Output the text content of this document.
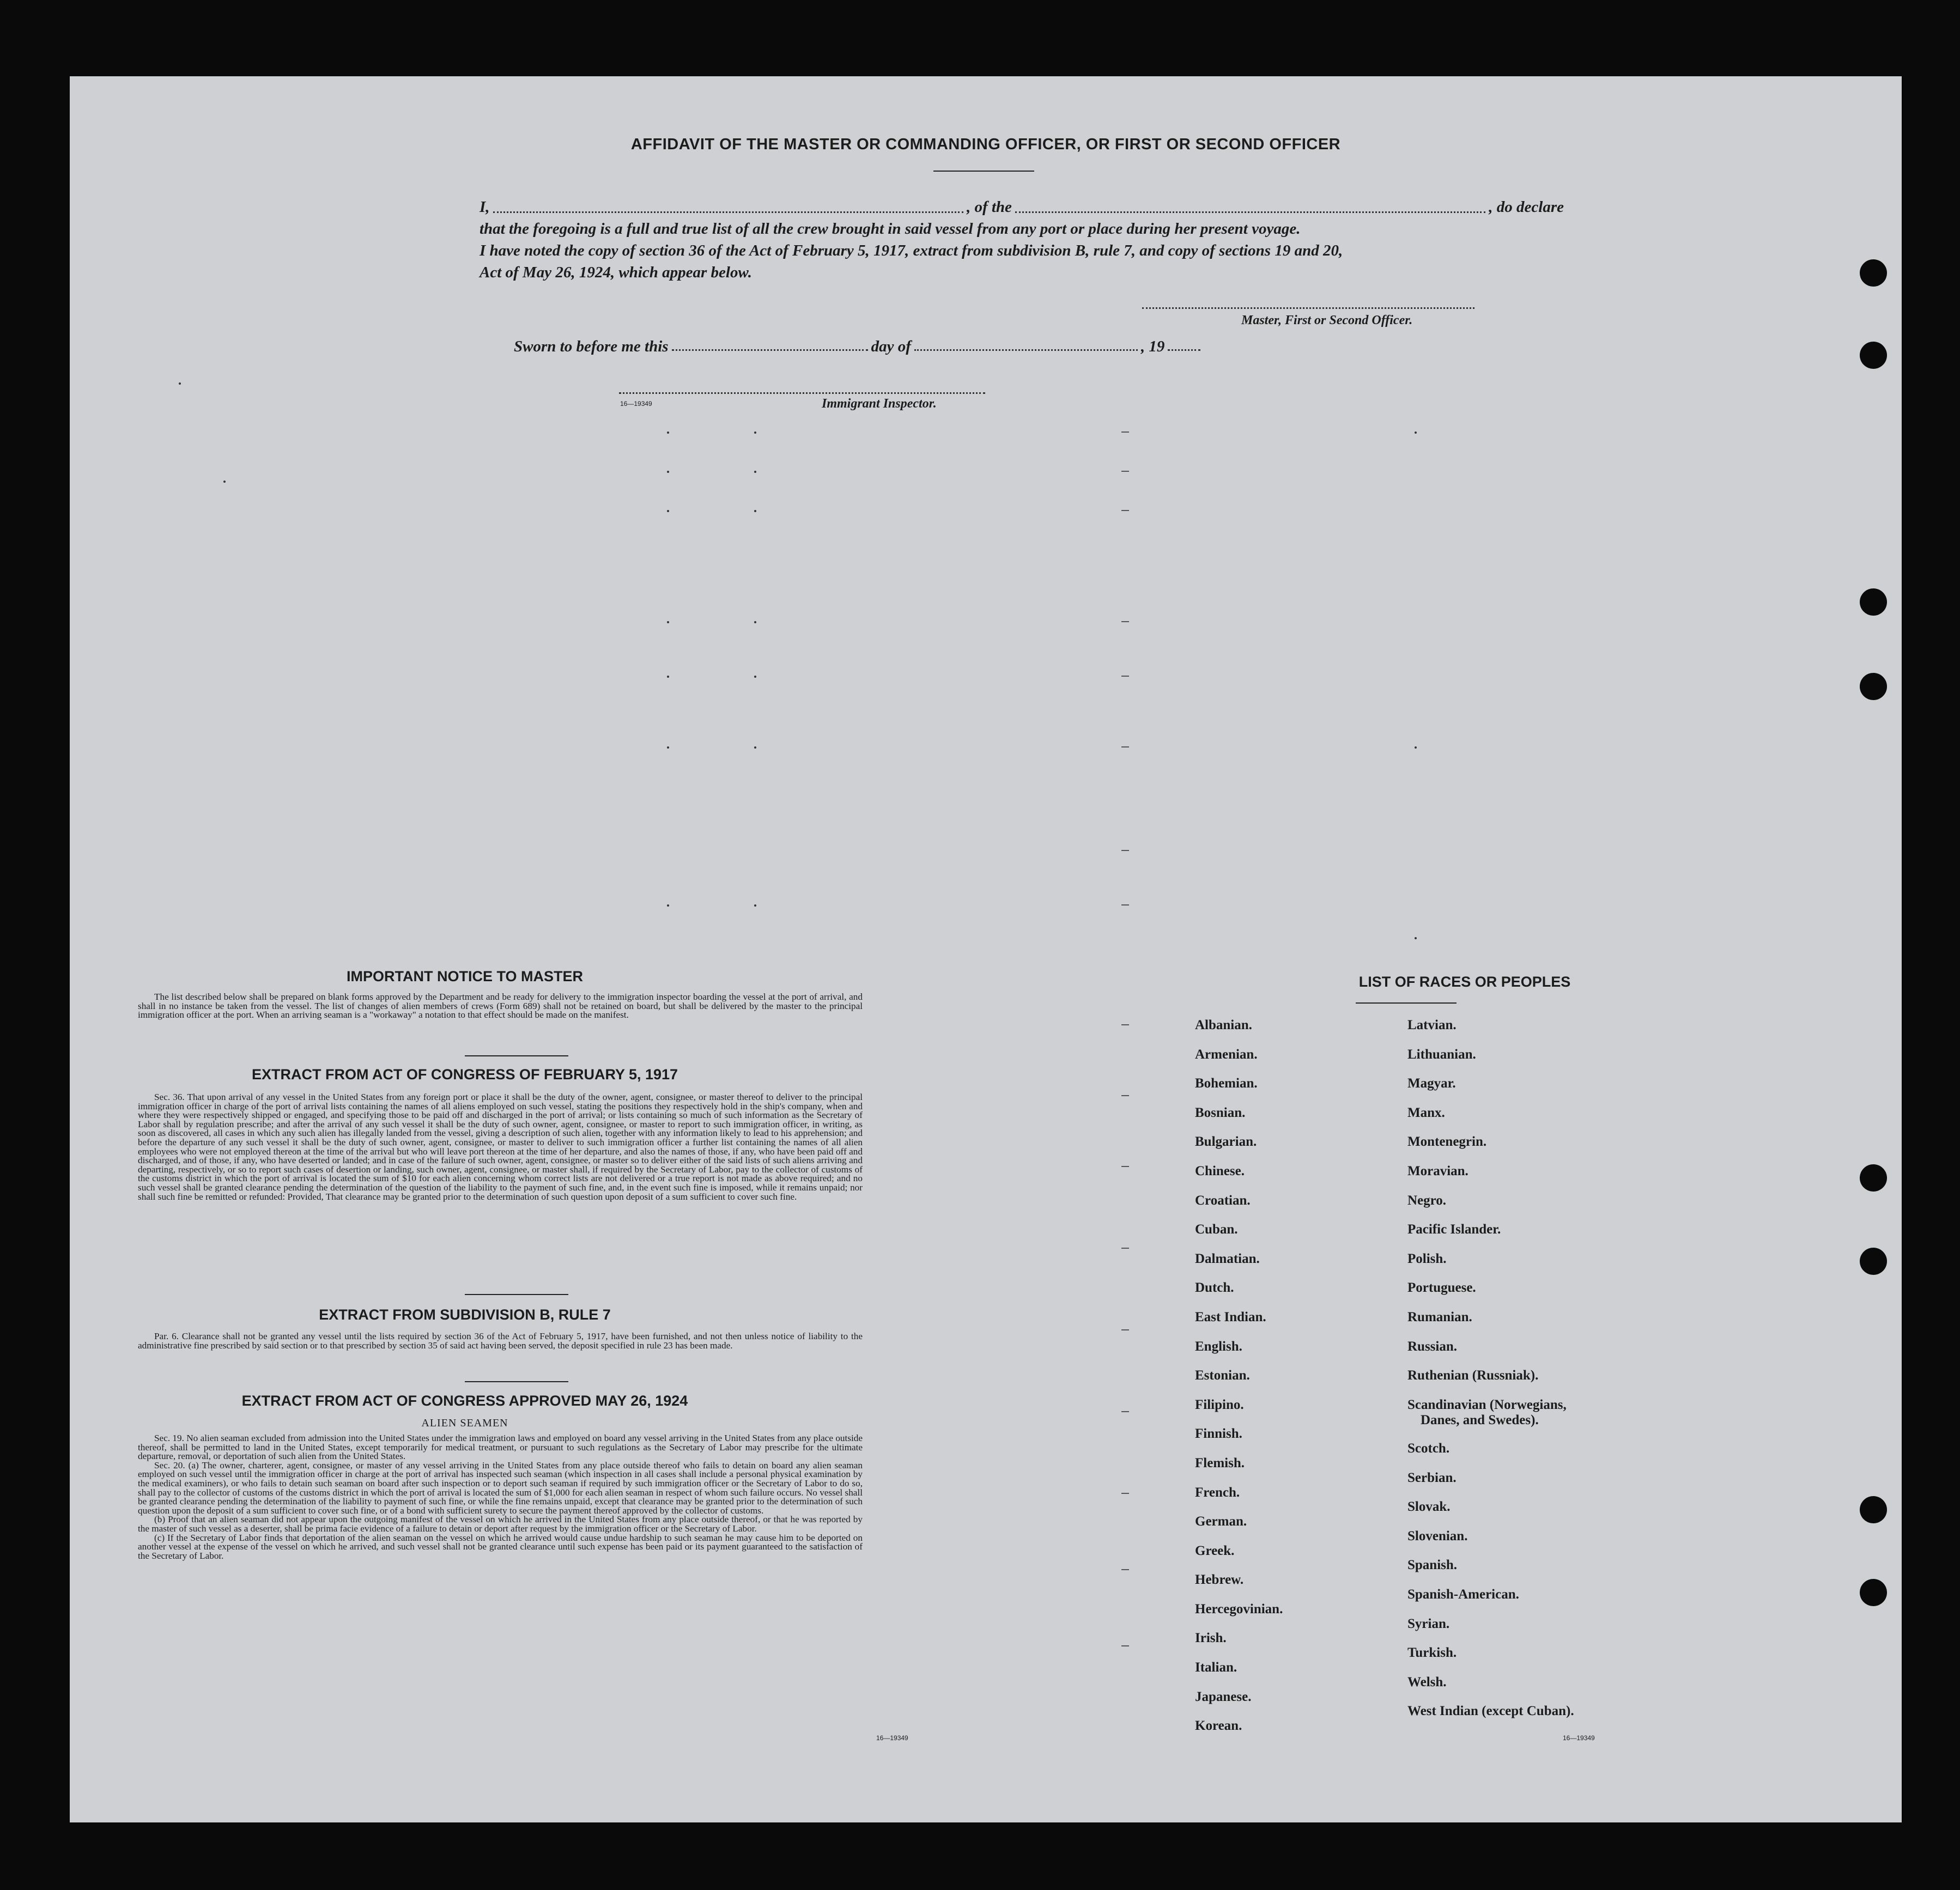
AFFIDAVIT OF THE MASTER OR COMMANDING OFFICER, OR FIRST OR SECOND OFFICER
I,	, of the	, do declare
that the foregoing is a full and true list of all the crew brought in said vessel from any port or place during her present voyage.
I have noted the copy of section 36 of the Act of February 5, 1917, extract from subdivision B, rule 7, and copy of sections 19 and 20,
Act of May 26, 1924, which appear below.
Master, First or Second Officer.
Sworn to before me this	day of	, 19
16—19349	Immigrant Inspector.
IMPORTANT NOTICE TO MASTER

The list described below shall be prepared on blank forms approved by the Department and be ready for delivery to the immigration inspector boarding the vessel at the port of arrival, and shall in no instance be taken from the vessel. The list of changes of alien members of crews (Form 689) shall not be retained on board, but shall be delivered by the master to the principal immigration officer at the port. When an arriving seaman is a "workaway" a notation to that effect should be made on the manifest.

EXTRACT FROM ACT OF CONGRESS OF FEBRUARY 5, 1917

Sec. 36. That upon arrival of any vessel in the United States from any foreign port or place it shall be the duty of the owner, agent, consignee, or master thereof to deliver to the principal immigration officer in charge of the port of arrival lists containing the names of all aliens employed on such vessel, stating the positions they respectively hold in the ship's company, when and where they were respectively shipped or engaged, and specifying those to be paid off and discharged in the port of arrival; or lists containing so much of such information as the Secretary of Labor shall by regulation prescribe; and after the arrival of any such vessel it shall be the duty of such owner, agent, consignee, or master to report to such immigration officer, in writing, as soon as discovered, all cases in which any such alien has illegally landed from the vessel, giving a description of such alien, together with any information likely to lead to his apprehension; and before the departure of any such vessel it shall be the duty of such owner, agent, consignee, or master to deliver to such immigration officer a further list containing the names of all alien employees who were not employed thereon at the time of the arrival but who will leave port thereon at the time of her departure, and also the names of those, if any, who have been paid off and discharged, and of those, if any, who have deserted or landed; and in case of the failure of such owner, agent, consignee, or master so to deliver either of the said lists of such aliens arriving and departing, respectively, or so to report such cases of desertion or landing, such owner, agent, consignee, or master shall, if required by the Secretary of Labor, pay to the collector of customs of the customs district in which the port of arrival is located the sum of $10 for each alien concerning whom correct lists are not delivered or a true report is not made as above required; and no such vessel shall be granted clearance pending the determination of the question of the liability to the payment of such fine, and, in the event such fine is imposed, while it remains unpaid; nor shall such fine be remitted or refunded: Provided, That clearance may be granted prior to the determination of such question upon deposit of a sum sufficient to cover such fine.

EXTRACT FROM SUBDIVISION B, RULE 7

Par. 6. Clearance shall not be granted any vessel until the lists required by section 36 of the Act of February 5, 1917, have been furnished, and not then unless notice of liability to the administrative fine prescribed by said section or to that prescribed by section 35 of said act having been served, the deposit specified in rule 23 has been made.

EXTRACT FROM ACT OF CONGRESS APPROVED MAY 26, 1924
ALIEN SEAMEN

Sec. 19. No alien seaman excluded from admission into the United States under the immigration laws and employed on board any vessel arriving in the United States from any place outside thereof, shall be permitted to land in the United States, except temporarily for medical treatment, or pursuant to such regulations as the Secretary of Labor may prescribe for the ultimate departure, removal, or deportation of such alien from the United States.

Sec. 20. (a) The owner, charterer, agent, consignee, or master of any vessel arriving in the United States from any place outside thereof who fails to detain on board any alien seaman employed on such vessel until the immigration officer in charge at the port of arrival has inspected such seaman (which inspection in all cases shall include a personal physical examination by the medical examiners), or who fails to detain such seaman on board after such inspection or to deport such seaman if required by such immigration officer or the Secretary of Labor to do so, shall pay to the collector of customs of the customs district in which the port of arrival is located the sum of $1,000 for each alien seaman in respect of whom such failure occurs. No vessel shall be granted clearance pending the determination of the liability to payment of such fine, or while the fine remains unpaid, except that clearance may be granted prior to the determination of such question upon the deposit of a sum sufficient to cover such fine, or of a bond with sufficient surety to secure the payment thereof approved by the collector of customs.

(b) Proof that an alien seaman did not appear upon the outgoing manifest of the vessel on which he arrived in the United States from any place outside thereof, or that he was reported by the master of such vessel as a deserter, shall be prima facie evidence of a failure to detain or deport after request by the immigration officer or the Secretary of Labor.

(c) If the Secretary of Labor finds that deportation of the alien seaman on the vessel on which he arrived would cause undue hardship to such seaman he may cause him to be deported on another vessel at the expense of the vessel on which he arrived, and such vessel shall not be granted clearance until such expense has been paid or its payment guaranteed to the satisfaction of the Secretary of Labor.

16—19349
LIST OF RACES OR PEOPLES
Albanian.
Armenian.
Bohemian.
Bosnian.
Bulgarian.
Chinese.
Croatian.
Cuban.
Dalmatian.
Dutch.
East Indian.
English.
Estonian.
Filipino.
Finnish.
Flemish.
French.
German.
Greek.
Hebrew.
Hercegovinian.
Irish.
Italian.
Japanese.
Korean.
Latvian.
Lithuanian.
Magyar.
Manx.
Montenegrin.
Moravian.
Negro.
Pacific Islander.
Polish.
Portuguese.
Rumanian.
Russian.
Ruthenian (Russniak).
Scandinavian (Norwegians,
Danes, and Swedes).
Scotch.
Serbian.
Slovak.
Slovenian.
Spanish.
Spanish-American.
Syrian.
Turkish.
Welsh.
West Indian (except Cuban).
16—19349
